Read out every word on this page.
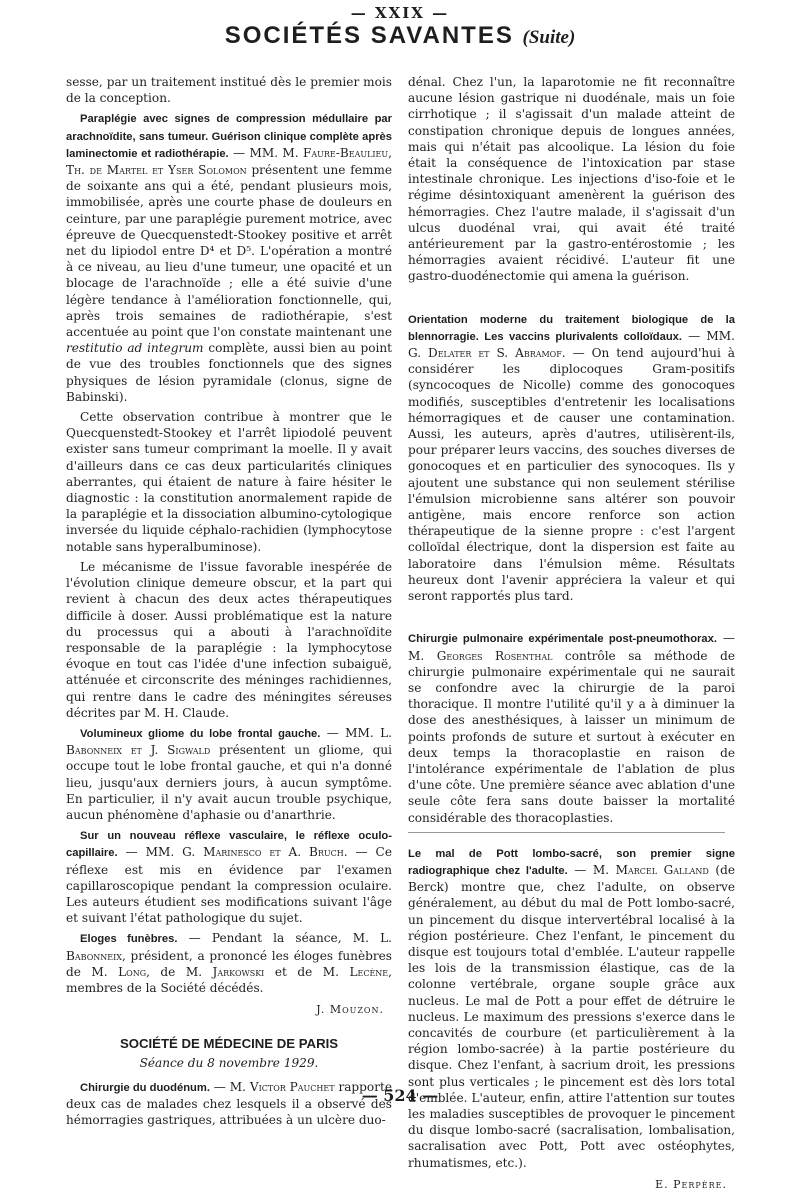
— XXIX —
SOCIÉTÉS SAVANTES (Suite)

sesse, par un traitement institué dès le premier mois de la conception.

Paraplégie avec signes de compression médullaire par arachnoïdite, sans tumeur. Guérison clinique complète après laminectomie et radiothérapie. — MM. M. Faure-Beaulieu, Th. de Martel et Yser Solomon présentent une femme de soixante ans qui a été, pendant plusieurs mois, immobilisée, après une courte phase de douleurs en ceinture, par une paraplégie purement motrice, avec épreuve de Quecquenstedt-Stookey positive et arrêt net du lipiodol entre D⁴ et D⁵. L'opération a montré à ce niveau, au lieu d'une tumeur, une opacité et un blocage de l'arachnoïde ; elle a été suivie d'une légère tendance à l'amélioration fonctionnelle, qui, après trois semaines de radiothérapie, s'est accentuée au point que l'on constate maintenant une restitutio ad integrum complète, aussi bien au point de vue des troubles fonctionnels que des signes physiques de lésion pyramidale (clonus, signe de Babinski).

Cette observation contribue à montrer que le Quecquenstedt-Stookey et l'arrêt lipiodolé peuvent exister sans tumeur comprimant la moelle. Il y avait d'ailleurs dans ce cas deux particularités cliniques aberrantes, qui étaient de nature à faire hésiter le diagnostic : la constitution anormalement rapide de la paraplégie et la dissociation albumino-cytologique inversée du liquide céphalo-rachidien (lymphocytose notable sans hyperalbuminose).

Le mécanisme de l'issue favorable inespérée de l'évolution clinique demeure obscur, et la part qui revient à chacun des deux actes thérapeutiques difficile à doser. Aussi problématique est la nature du processus qui a abouti à l'arachnoïdite responsable de la paraplégie : la lymphocytose évoque en tout cas l'idée d'une infection subaiguë, atténuée et circonscrite des méninges rachidiennes, qui rentre dans le cadre des méningites séreuses décrites par M. H. Claude.

Volumineux gliome du lobe frontal gauche. — MM. L. Babonneix et J. Sigwald présentent un gliome, qui occupe tout le lobe frontal gauche, et qui n'a donné lieu, jusqu'aux derniers jours, à aucun symptôme. En particulier, il n'y avait aucun trouble psychique, aucun phénomène d'aphasie ou d'anarthrie.

Sur un nouveau réflexe vasculaire, le réflexe oculo-capillaire. — MM. G. Marinesco et A. Bruch. — Ce réflexe est mis en évidence par l'examen capillaroscopique pendant la compression oculaire. Les auteurs étudient ses modifications suivant l'âge et suivant l'état pathologique du sujet.

Eloges funèbres. — Pendant la séance, M. L. Babonneix, président, a prononcé les éloges funèbres de M. Long, de M. Jarkowski et de M. Lecène, membres de la Société décédés.

J. Mouzon.
SOCIÉTÉ DE MÉDECINE DE PARIS
Séance du 8 novembre 1929.

Chirurgie du duodénum. — M. Victor Pauchet rapporte deux cas de malades chez lesquels il a observé des hémorragies gastriques, attribuées à un ulcère duo-

dénal. Chez l'un, la laparotomie ne fit reconnaître aucune lésion gastrique ni duodénale, mais un foie cirrhotique ; il s'agissait d'un malade atteint de constipation chronique depuis de longues années, mais qui n'était pas alcoolique. La lésion du foie était la conséquence de l'intoxication par stase intestinale chronique. Les injections d'iso-foie et le régime désintoxiquant amenèrent la guérison des hémorragies. Chez l'autre malade, il s'agissait d'un ulcus duodénal vrai, qui avait été traité antérieurement par la gastro-entérostomie ; les hémorragies avaient récidivé. L'auteur fit une gastro-duodénectomie qui amena la guérison.

Orientation moderne du traitement biologique de la blennorragie. Les vaccins plurivalents colloïdaux. — MM. G. Delater et S. Abramof. — On tend aujourd'hui à considérer les diplocoques Gram-positifs (syncocoques de Nicolle) comme des gonocoques modifiés, susceptibles d'entretenir les localisations hémorragiques et de causer une contamination. Aussi, les auteurs, après d'autres, utilisèrent-ils, pour préparer leurs vaccins, des souches diverses de gonocoques et en particulier des synocoques. Ils y ajoutent une substance qui non seulement stérilise l'émulsion microbienne sans altérer son pouvoir antigène, mais encore renforce son action thérapeutique de la sienne propre : c'est l'argent colloïdal électrique, dont la dispersion est faite au laboratoire dans l'émulsion même. Résultats heureux dont l'avenir appréciera la valeur et qui seront rapportés plus tard.

Chirurgie pulmonaire expérimentale post-pneumothorax. — M. Georges Rosenthal contrôle sa méthode de chirurgie pulmonaire expérimentale qui ne saurait se confondre avec la chirurgie de la paroi thoracique. Il montre l'utilité qu'il y a à diminuer la dose des anesthésiques, à laisser un minimum de points profonds de suture et surtout à exécuter en deux temps la thoracoplastie en raison de l'intolérance expérimentale de l'ablation de plus d'une côte. Une première séance avec ablation d'une seule côte fera sans doute baisser la mortalité considérable des thoracoplasties.

Le mal de Pott lombo-sacré, son premier signe radiographique chez l'adulte. — M. Marcel Galland (de Berck) montre que, chez l'adulte, on observe généralement, au début du mal de Pott lombo-sacré, un pincement du disque intervertébral localisé à la région postérieure. Chez l'enfant, le pincement du disque est toujours total d'emblée. L'auteur rappelle les lois de la transmission élastique, cas de la colonne vertébrale, organe souple grâce aux nucleus. Le mal de Pott a pour effet de détruire le nucleus. Le maximum des pressions s'exerce dans le concavités de courbure (et particulièrement à la région lombo-sacrée) à la partie postérieure du disque. Chez l'enfant, à sacrium droit, les pressions sont plus verticales ; le pincement est dès lors total d'emblée. L'auteur, enfin, attire l'attention sur toutes les maladies susceptibles de provoquer le pincement du disque lombo-sacré (sacralisation, lombalisation, sacralisation avec Pott, Pott avec ostéophytes, rhumatismes, etc.).

E. Perpère.
— 524 —
